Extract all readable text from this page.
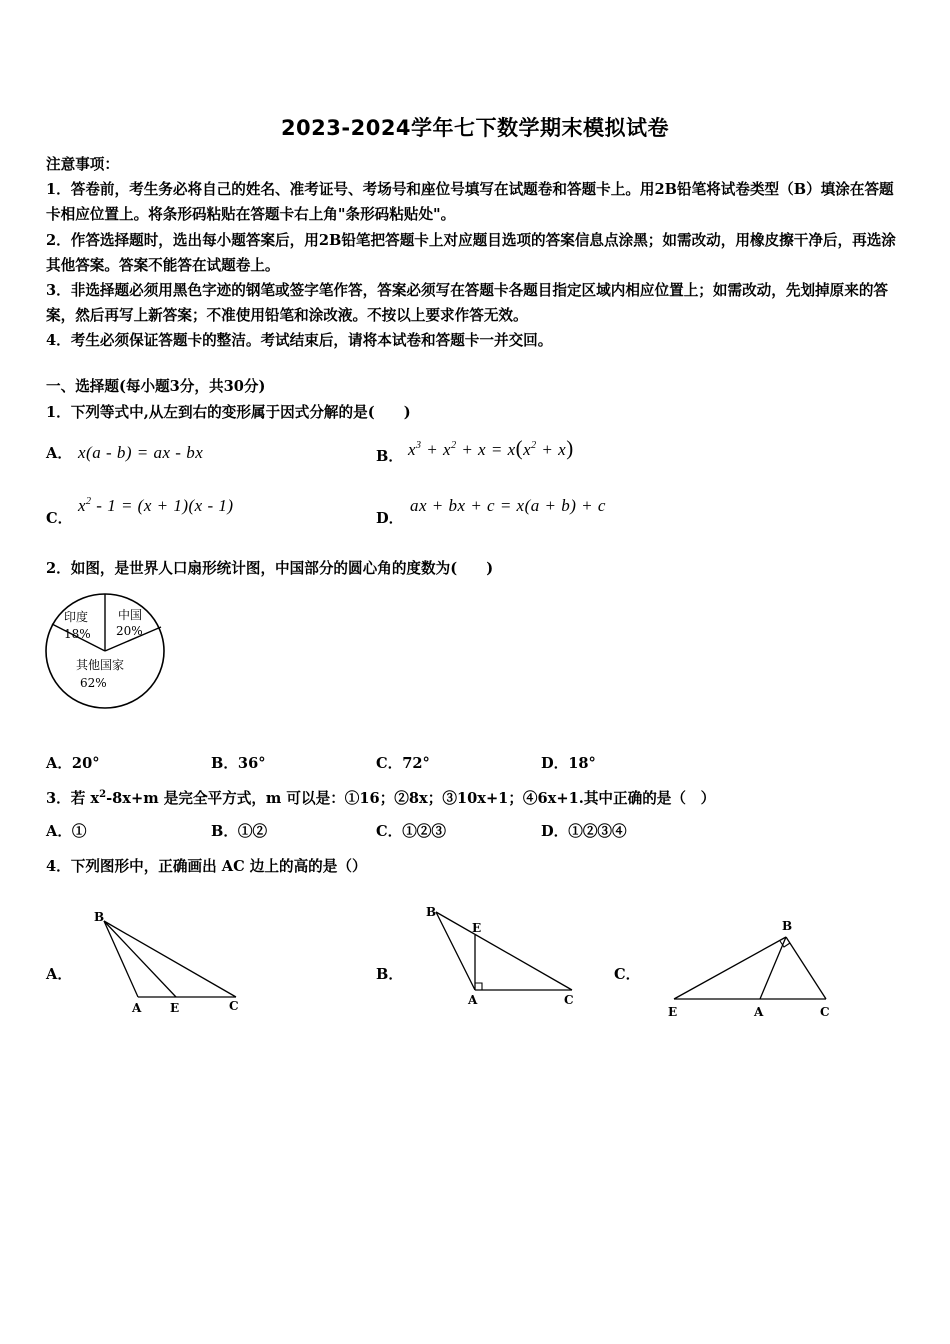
2023-2024学年七下数学期末模拟试卷

注意事项：

1．答卷前，考生务必将自己的姓名、准考证号、考场号和座位号填写在试题卷和答题卡上。用2B铅笔将试卷类型（B）填涂在答题卡相应位置上。将条形码粘贴在答题卡右上角"条形码粘贴处"。

2．作答选择题时，选出每小题答案后，用2B铅笔把答题卡上对应题目选项的答案信息点涂黑；如需改动，用橡皮擦干净后，再选涂其他答案。答案不能答在试题卷上。

3．非选择题必须用黑色字迹的钢笔或签字笔作答，答案必须写在答题卡各题目指定区域内相应位置上；如需改动，先划掉原来的答案，然后再写上新答案；不准使用铅笔和涂改液。不按以上要求作答无效。

4．考生必须保证答题卡的整洁。考试结束后，请将本试卷和答题卡一并交回。

一、选择题(每小题3分，共30分)
1．下列等式中,从左到右的变形属于因式分解的是(　　)
A． x(a - b) = ax - bx	B． $x^3 + x^2 + x = x(x^2 + x)$
C．$x^2 - 1 = (x + 1)(x - 1)$
D．ax + bx + c = x(a + b) + c
2．如图，是世界人口扇形统计图，中国部分的圆心角的度数为(　　)
印度
18%
中国
20%
其他国家
62%
A．20°	B．36°	C．72°	D．18°
3．若 $x^2-8x+m$ 是完全平方式，m 可以是：①16；②8x；③10x+1；④6x+1.其中正确的是（　）
A．①	B．①②	C．①②③	D．①②③④
4．下列图形中，正确画出 AC 边上的高的是（）
A．	B．	C．
B
A E	C
B
E
A	C
B
E	A	C
